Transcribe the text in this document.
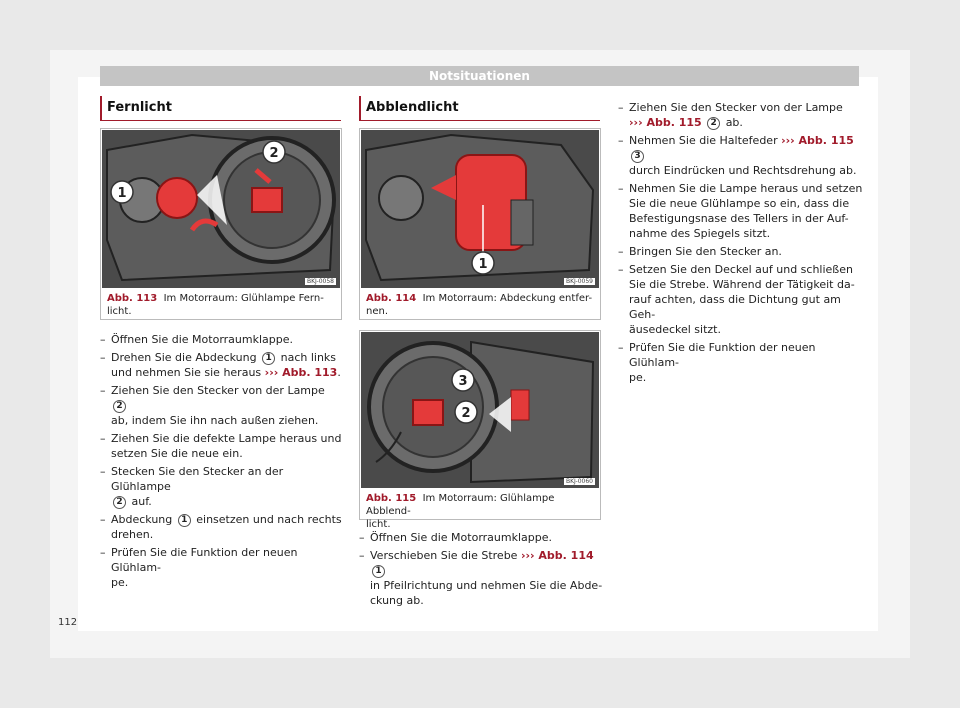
Notsituationen
Fernlicht
1
2
BKJ-0058
Abb. 113 Im Motorraum: Glühlampe Fern-
licht.
– Öffnen Sie die Motorraumklappe.
– Drehen Sie die Abdeckung 1 nach links
und nehmen Sie sie heraus ››› Abb. 113.
– Ziehen Sie den Stecker von der Lampe 2
ab, indem Sie ihn nach außen ziehen.
– Ziehen Sie die defekte Lampe heraus und
setzen Sie die neue ein.
– Stecken Sie den Stecker an der Glühlampe
2 auf.
– Abdeckung 1 einsetzen und nach rechts
drehen.
– Prüfen Sie die Funktion der neuen Glühlam-
pe.
Abblendlicht
1
BKJ-0059
Abb. 114 Im Motorraum: Abdeckung entfer-
nen.
3
2
BKJ-0060
Abb. 115 Im Motorraum: Glühlampe Abblend-
licht.
– Öffnen Sie die Motorraumklappe.
– Verschieben Sie die Strebe ››› Abb. 114 1
in Pfeilrichtung und nehmen Sie die Abde-
ckung ab.
– Ziehen Sie den Stecker von der Lampe
››› Abb. 115 2 ab.
– Nehmen Sie die Haltefeder ››› Abb. 115 3
durch Eindrücken und Rechtsdrehung ab.
– Nehmen Sie die Lampe heraus und setzen
Sie die neue Glühlampe so ein, dass die
Befestigungsnase des Tellers in der Auf-
nahme des Spiegels sitzt.
– Bringen Sie den Stecker an.
– Setzen Sie den Deckel auf und schließen
Sie die Strebe. Während der Tätigkeit da-
rauf achten, dass die Dichtung gut am Geh-
äusedeckel sitzt.
– Prüfen Sie die Funktion der neuen Glühlam-
pe.
112
